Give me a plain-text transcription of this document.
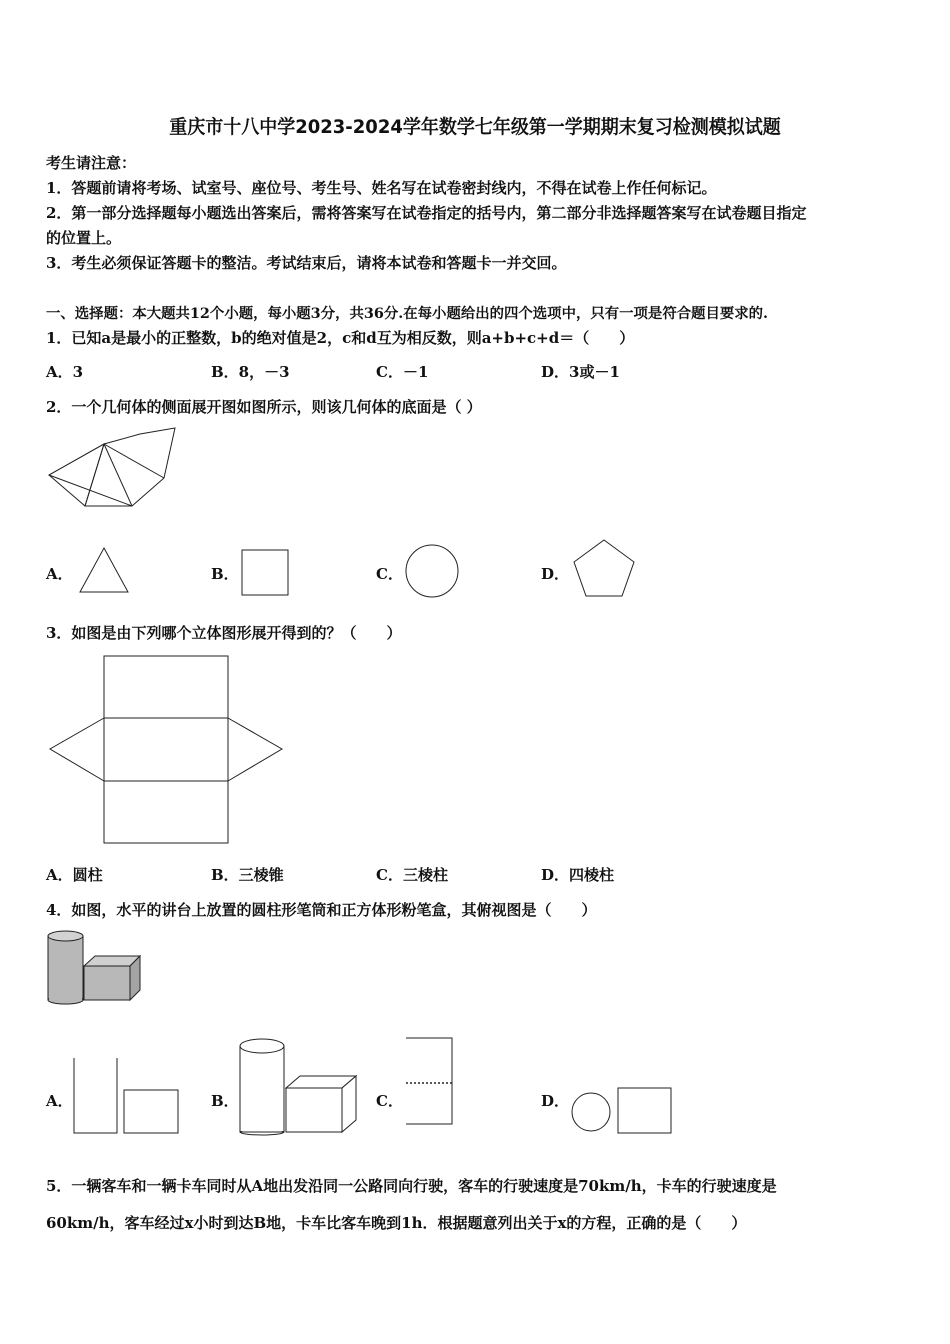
重庆市十八中学2023-2024学年数学七年级第一学期期末复习检测模拟试题
考生请注意：
1．答题前请将考场、试室号、座位号、考生号、姓名写在试卷密封线内，不得在试卷上作任何标记。
2．第一部分选择题每小题选出答案后，需将答案写在试卷指定的括号内，第二部分非选择题答案写在试卷题目指定
的位置上。
3．考生必须保证答题卡的整洁。考试结束后，请将本试卷和答题卡一并交回。
一、选择题：本大题共12个小题，每小题3分，共36分.在每小题给出的四个选项中，只有一项是符合题目要求的.
1．已知a是最小的正整数，b的绝对值是2，c和d互为相反数，则a+b+c+d＝（　　）
A．3	B．8，－3	C．－1	D．3或－1
2．一个几何体的侧面展开图如图所示，则该几何体的底面是（ ）
A．	B．	C．	D．
3．如图是由下列哪个立体图形展开得到的？（　　）
A．圆柱	B．三棱锥	C．三棱柱	D．四棱柱
4．如图，水平的讲台上放置的圆柱形笔筒和正方体形粉笔盒，其俯视图是（　　）
A．	B．	C．	D．
5．一辆客车和一辆卡车同时从A地出发沿同一公路同向行驶，客车的行驶速度是70km/h，卡车的行驶速度是
60km/h，客车经过x小时到达B地，卡车比客车晚到1h．根据题意列出关于x的方程，正确的是（　　）
